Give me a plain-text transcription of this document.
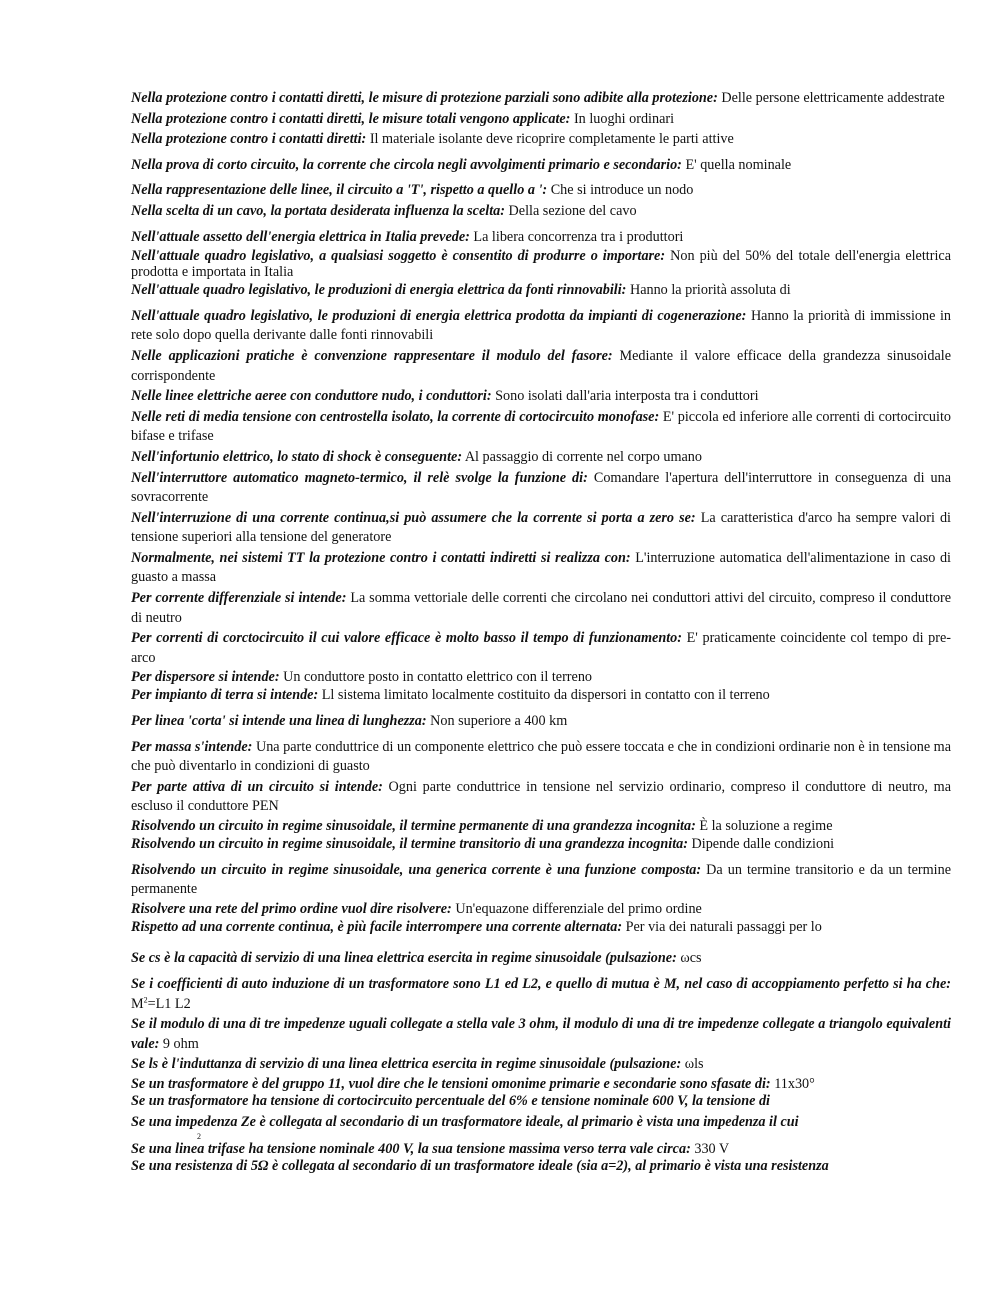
Nella protezione contro i contatti diretti, le misure di protezione parziali sono adibite alla protezione: Delle persone elettricamente addestrate
Nella protezione contro i contatti diretti, le misure totali vengono applicate: In luoghi ordinari
Nella protezione contro i contatti diretti: Il materiale isolante deve ricoprire completamente le parti attive
Nella prova di corto circuito, la corrente che circola negli avvolgimenti primario e secondario: E' quella nominale
Nella rappresentazione delle linee, il circuito a 'T', rispetto a quello a ': Che si introduce un nodo
Nella scelta di un cavo, la portata desiderata influenza la scelta: Della sezione del cavo
Nell'attuale assetto dell'energia elettrica in Italia prevede: La libera concorrenza tra i produttori
Nell'attuale quadro legislativo, a qualsiasi soggetto è consentito di produrre o importare: Non più del 50% del totale dell'energia elettrica prodotta e importata in Italia
Nell'attuale quadro legislativo, le produzioni di energia elettrica da fonti rinnovabili: Hanno la priorità assoluta di
Nell'attuale quadro legislativo, le produzioni di energia elettrica prodotta da impianti di cogenerazione: Hanno la priorità di immissione in rete solo dopo quella derivante dalle fonti rinnovabili
Nelle applicazioni pratiche è convenzione rappresentare il modulo del fasore: Mediante il valore efficace della grandezza sinusoidale corrispondente
Nelle linee elettriche aeree con conduttore nudo, i conduttori: Sono isolati dall'aria interposta tra i conduttori
Nelle reti di media tensione con centrostella isolato, la corrente di cortocircuito monofase: E' piccola ed inferiore alle correnti di cortocircuito bifase e trifase
Nell'infortunio elettrico, lo stato di shock è conseguente: Al passaggio di corrente nel corpo umano
Nell'interruttore automatico magneto-termico, il relè svolge la funzione di: Comandare l'apertura dell'interruttore in conseguenza di una sovracorrente
Nell'interruzione di una corrente continua,si può assumere che la corrente si porta a zero se: La caratteristica d'arco ha sempre valori di tensione superiori alla tensione del generatore
Normalmente, nei sistemi TT la protezione contro i contatti indiretti si realizza con: L'interruzione automatica dell'alimentazione in caso di guasto a massa
Per corrente differenziale si intende: La somma vettoriale delle correnti che circolano nei conduttori attivi del circuito, compreso il conduttore di neutro
Per correnti di corctocircuito il cui valore efficace è molto basso il tempo di funzionamento: E' praticamente coincidente col tempo di pre-arco
Per dispersore si intende: Un conduttore posto in contatto elettrico con il terreno
Per impianto di terra si intende: Ll sistema limitato localmente costituito da dispersori in contatto con il terreno
Per linea 'corta' si intende una linea di lunghezza: Non superiore a 400 km
Per massa s'intende: Una parte conduttrice di un componente elettrico che può essere toccata e che in condizioni ordinarie non è in tensione ma che può diventarlo in condizioni di guasto
Per parte attiva di un circuito si intende: Ogni parte conduttrice in tensione nel servizio ordinario, compreso il conduttore di neutro, ma escluso il conduttore PEN
Risolvendo un circuito in regime sinusoidale, il termine permanente di una grandezza incognita: È la soluzione a regime
Risolvendo un circuito in regime sinusoidale, il termine transitorio di una grandezza incognita: Dipende dalle condizioni
Risolvendo un circuito in regime sinusoidale, una generica corrente è una funzione composta: Da un termine transitorio e da un termine permanente
Risolvere una rete del primo ordine vuol dire risolvere: Un'equazone differenziale del primo ordine
Rispetto ad una corrente continua, è più facile interrompere una corrente alternata: Per via dei naturali passaggi per lo
Se cs è la capacità di servizio di una linea elettrica esercita in regime sinusoidale (pulsazione: ωcs
Se i coefficienti di auto induzione di un trasformatore sono L1 ed L2, e quello di mutua è M, nel caso di accoppiamento perfetto si ha che: $M^2=L1$ L2
Se il modulo di una di tre impedenze uguali collegate a stella vale 3 ohm, il modulo di una di tre impedenze collegate a triangolo equivalenti vale: 9 ohm
Se ls è l'induttanza di servizio di una linea elettrica esercita in regime sinusoidale (pulsazione: ωls
Se un trasformatore è del gruppo 11, vuol dire che le tensioni omonime primarie e secondarie sono sfasate di: 11x30°
Se un trasformatore ha tensione di cortocircuito percentuale del 6% e tensione nominale 600 V, la tensione di
Se una impedenza Ze è collegata al secondario di un trasformatore ideale, al primario è vista una impedenza il cui
2
Se una linea trifase ha tensione nominale 400 V, la sua tensione massima verso terra vale circa: 330 V
Se una resistenza di 5Ω è collegata al secondario di un trasformatore ideale (sia a=2), al primario è vista una resistenza
